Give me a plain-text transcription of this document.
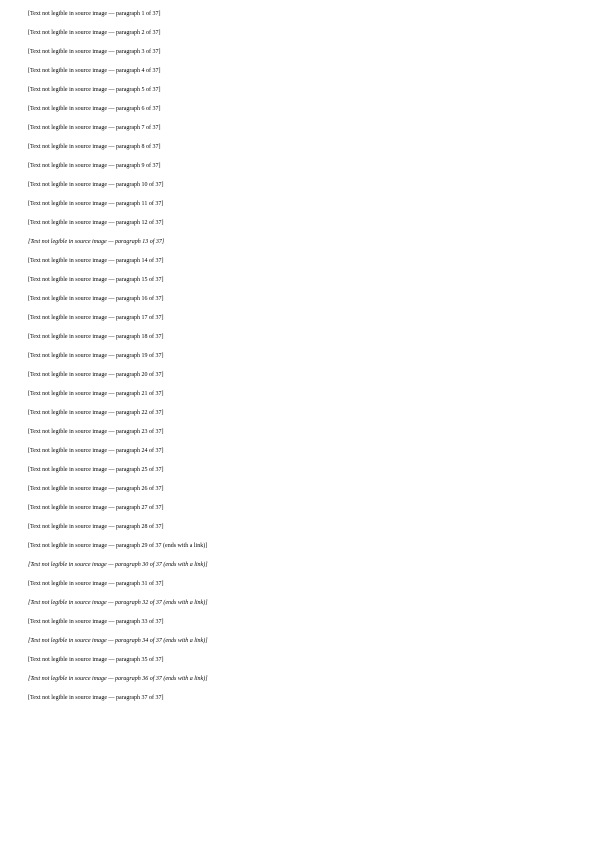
[Text not legible in source image — paragraph 1 of 37]

[Text not legible in source image — paragraph 2 of 37]

[Text not legible in source image — paragraph 3 of 37]

[Text not legible in source image — paragraph 4 of 37]

[Text not legible in source image — paragraph 5 of 37]

[Text not legible in source image — paragraph 6 of 37]

[Text not legible in source image — paragraph 7 of 37]

[Text not legible in source image — paragraph 8 of 37]

[Text not legible in source image — paragraph 9 of 37]

[Text not legible in source image — paragraph 10 of 37]

[Text not legible in source image — paragraph 11 of 37]

[Text not legible in source image — paragraph 12 of 37]

[Text not legible in source image — paragraph 13 of 37]

[Text not legible in source image — paragraph 14 of 37]

[Text not legible in source image — paragraph 15 of 37]

[Text not legible in source image — paragraph 16 of 37]

[Text not legible in source image — paragraph 17 of 37]

[Text not legible in source image — paragraph 18 of 37]

[Text not legible in source image — paragraph 19 of 37]

[Text not legible in source image — paragraph 20 of 37]

[Text not legible in source image — paragraph 21 of 37]

[Text not legible in source image — paragraph 22 of 37]

[Text not legible in source image — paragraph 23 of 37]

[Text not legible in source image — paragraph 24 of 37]

[Text not legible in source image — paragraph 25 of 37]

[Text not legible in source image — paragraph 26 of 37]

[Text not legible in source image — paragraph 27 of 37]

[Text not legible in source image — paragraph 28 of 37]

[Text not legible in source image — paragraph 29 of 37 (ends with a link)]

[Text not legible in source image — paragraph 30 of 37 (ends with a link)]

[Text not legible in source image — paragraph 31 of 37]

[Text not legible in source image — paragraph 32 of 37 (ends with a link)]

[Text not legible in source image — paragraph 33 of 37]

[Text not legible in source image — paragraph 34 of 37 (ends with a link)]

[Text not legible in source image — paragraph 35 of 37]

[Text not legible in source image — paragraph 36 of 37 (ends with a link)]

[Text not legible in source image — paragraph 37 of 37]
